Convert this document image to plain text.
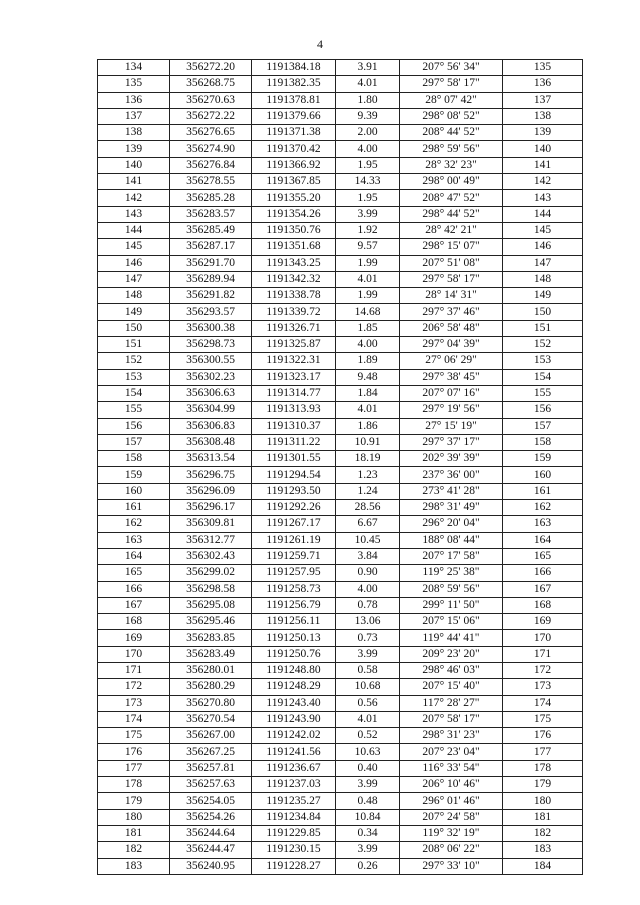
4
134	356272.20	1191384.18	3.91	207° 56' 34"	135
135	356268.75	1191382.35	4.01	297° 58' 17"	136
136	356270.63	1191378.81	1.80	28° 07' 42"	137
137	356272.22	1191379.66	9.39	298° 08' 52"	138
138	356276.65	1191371.38	2.00	208° 44' 52"	139
139	356274.90	1191370.42	4.00	298° 59' 56"	140
140	356276.84	1191366.92	1.95	28° 32' 23"	141
141	356278.55	1191367.85	14.33	298° 00' 49"	142
142	356285.28	1191355.20	1.95	208° 47' 52"	143
143	356283.57	1191354.26	3.99	298° 44' 52"	144
144	356285.49	1191350.76	1.92	28° 42' 21"	145
145	356287.17	1191351.68	9.57	298° 15' 07"	146
146	356291.70	1191343.25	1.99	207° 51' 08"	147
147	356289.94	1191342.32	4.01	297° 58' 17"	148
148	356291.82	1191338.78	1.99	28° 14' 31"	149
149	356293.57	1191339.72	14.68	297° 37' 46"	150
150	356300.38	1191326.71	1.85	206° 58' 48"	151
151	356298.73	1191325.87	4.00	297° 04' 39"	152
152	356300.55	1191322.31	1.89	27° 06' 29"	153
153	356302.23	1191323.17	9.48	297° 38' 45"	154
154	356306.63	1191314.77	1.84	207° 07' 16"	155
155	356304.99	1191313.93	4.01	297° 19' 56"	156
156	356306.83	1191310.37	1.86	27° 15' 19"	157
157	356308.48	1191311.22	10.91	297° 37' 17"	158
158	356313.54	1191301.55	18.19	202° 39' 39"	159
159	356296.75	1191294.54	1.23	237° 36' 00"	160
160	356296.09	1191293.50	1.24	273° 41' 28"	161
161	356296.17	1191292.26	28.56	298° 31' 49"	162
162	356309.81	1191267.17	6.67	296° 20' 04"	163
163	356312.77	1191261.19	10.45	188° 08' 44"	164
164	356302.43	1191259.71	3.84	207° 17' 58"	165
165	356299.02	1191257.95	0.90	119° 25' 38"	166
166	356298.58	1191258.73	4.00	208° 59' 56"	167
167	356295.08	1191256.79	0.78	299° 11' 50"	168
168	356295.46	1191256.11	13.06	207° 15' 06"	169
169	356283.85	1191250.13	0.73	119° 44' 41"	170
170	356283.49	1191250.76	3.99	209° 23' 20"	171
171	356280.01	1191248.80	0.58	298° 46' 03"	172
172	356280.29	1191248.29	10.68	207° 15' 40"	173
173	356270.80	1191243.40	0.56	117° 28' 27"	174
174	356270.54	1191243.90	4.01	207° 58' 17"	175
175	356267.00	1191242.02	0.52	298° 31' 23"	176
176	356267.25	1191241.56	10.63	207° 23' 04"	177
177	356257.81	1191236.67	0.40	116° 33' 54"	178
178	356257.63	1191237.03	3.99	206° 10' 46"	179
179	356254.05	1191235.27	0.48	296° 01' 46"	180
180	356254.26	1191234.84	10.84	207° 24' 58"	181
181	356244.64	1191229.85	0.34	119° 32' 19"	182
182	356244.47	1191230.15	3.99	208° 06' 22"	183
183	356240.95	1191228.27	0.26	297° 33' 10"	184
